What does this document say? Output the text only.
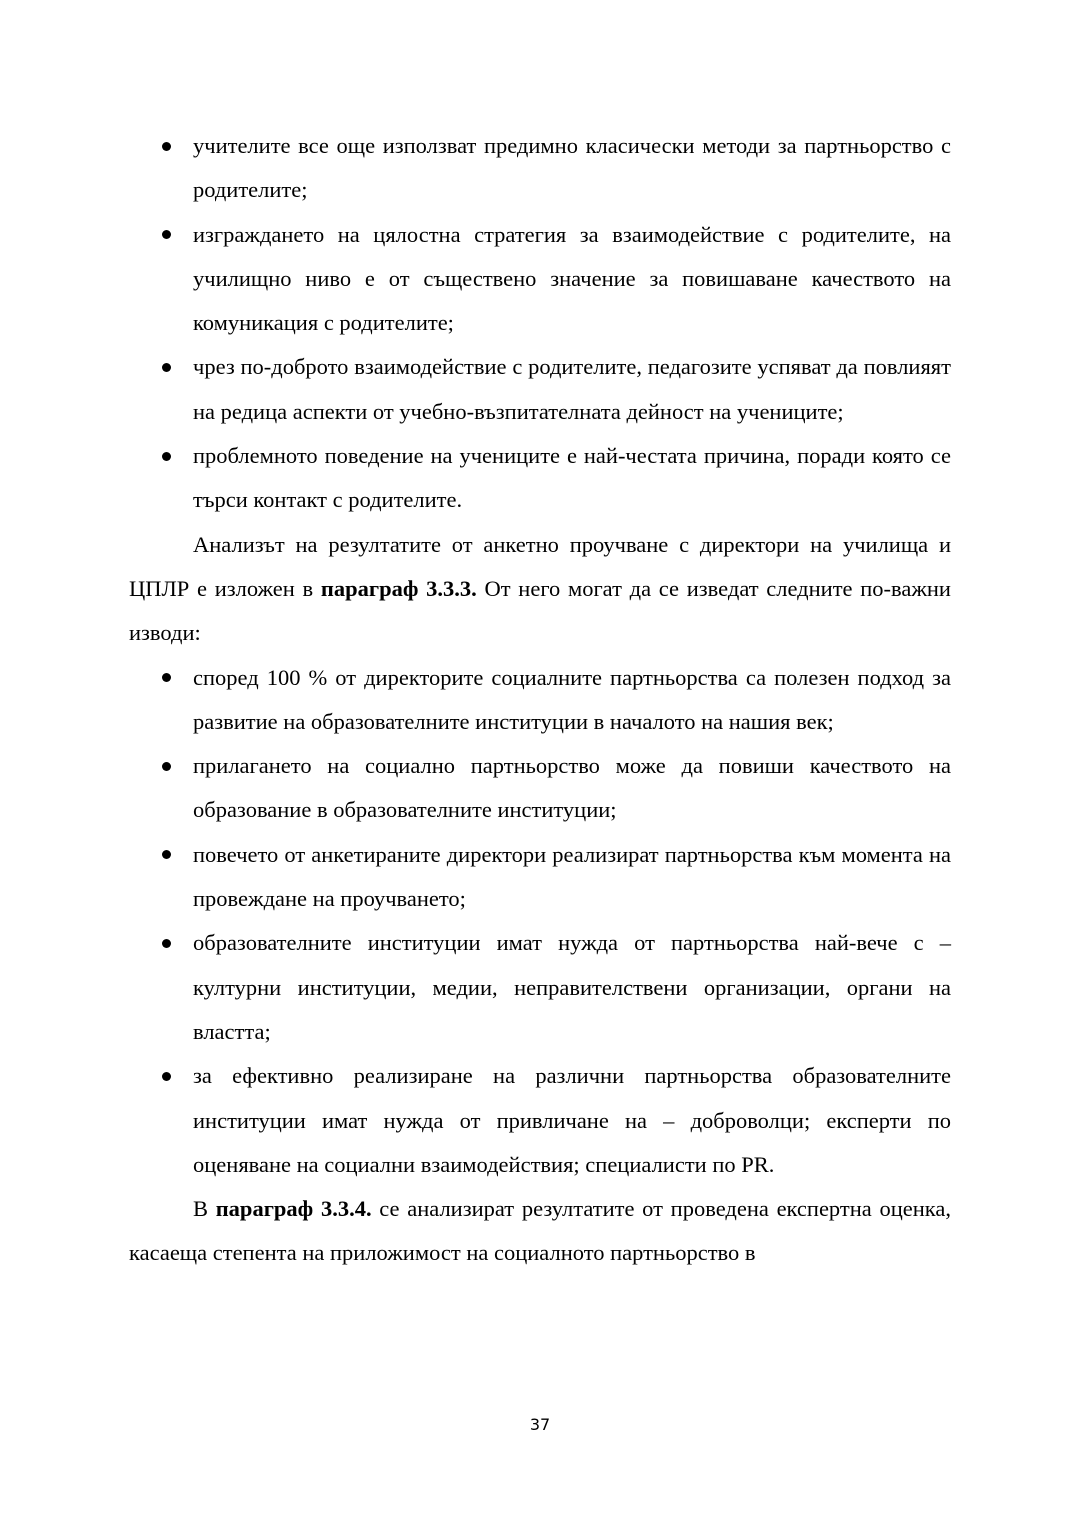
учителите все още използват предимно класически методи за партньорство с родителите;
изграждането на цялостна стратегия за взаимодействие с родителите, на училищно ниво е от съществено значение за повишаване качеството на комуникация с родителите;
чрез по-доброто взаимодействие с родителите, педагозите успяват да повлияят на редица аспекти от учебно-възпитателната дейност на учениците;
проблемното поведение на учениците е най-честата причина, поради която се търси контакт с родителите.

Анализът на резултатите от анкетно проучване с директори на училища и ЦПЛР е изложен в параграф 3.3.3. От него могат да се изведат следните по-важни изводи:

според 100 % от директорите социалните партньорства са полезен подход за развитие на образователните институции в началото на нашия век;
прилагането на социално партньорство може да повиши качеството на образование в образователните институции;
повечето от анкетираните директори реализират партньорства към момента на провеждане на проучването;
образователните институции имат нужда от партньорства най-вече с – културни институции, медии, неправителствени организации, органи на властта;
за ефективно реализиране на различни партньорства образователните институции имат нужда от привличане на – доброволци; експерти по оценяване на социални взаимодействия; специалисти по PR.

В параграф 3.3.4. се анализират резултатите от проведена експертна оценка, касаеща степента на приложимост на социалното партньорство в

37
